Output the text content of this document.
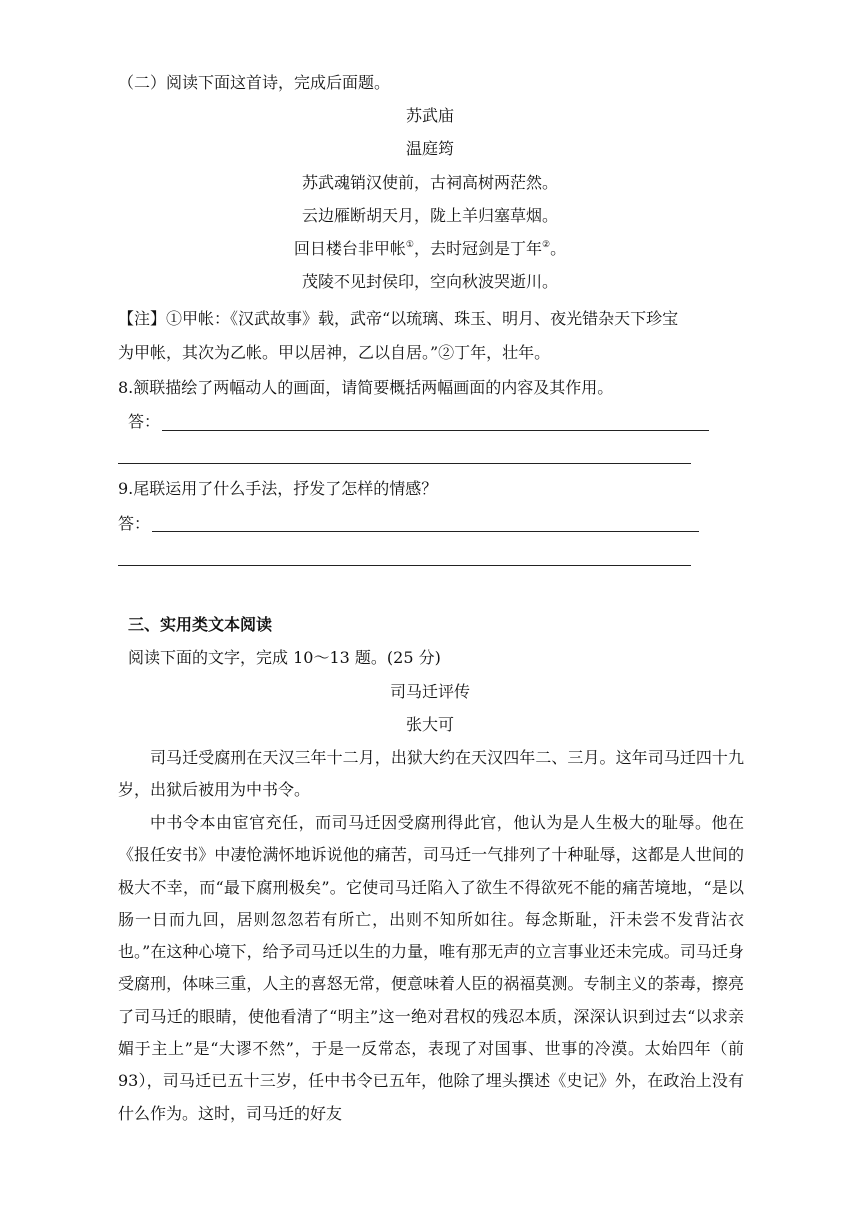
（二）阅读下面这首诗，完成后面题。
苏武庙
温庭筠
苏武魂销汉使前，古祠高树两茫然。
云边雁断胡天月，陇上羊归塞草烟。
回日楼台非甲帐①，去时冠剑是丁年②。
茂陵不见封侯印，空向秋波哭逝川。
【注】①甲帐：《汉武故事》载，武帝“以琉璃、珠玉、明月、夜光错杂天下珍宝
为甲帐，其次为乙帐。甲以居神，乙以自居。”②丁年，壮年。
8.颔联描绘了两幅动人的画面，请简要概括两幅画面的内容及其作用。
答：
9.尾联运用了什么手法，抒发了怎样的情感？
答：
三、实用类文本阅读
阅读下面的文字，完成 10～13 题。(25 分)
司马迁评传
张大可
司马迁受腐刑在天汉三年十二月，出狱大约在天汉四年二、三月。这年司马迁四十九岁，出狱后被用为中书令。
中书令本由宦官充任，而司马迁因受腐刑得此官，他认为是人生极大的耻辱。他在《报任安书》中凄怆满怀地诉说他的痛苦，司马迁一气排列了十种耻辱，这都是人世间的极大不幸，而“最下腐刑极矣”。它使司马迁陷入了欲生不得欲死不能的痛苦境地，“是以肠一日而九回，居则忽忽若有所亡，出则不知所如往。每念斯耻，汗未尝不发背沾衣也。”在这种心境下，给予司马迁以生的力量，唯有那无声的立言事业还未完成。司马迁身受腐刑，体味三重，人主的喜怒无常，便意味着人臣的祸福莫测。专制主义的荼毒，擦亮了司马迁的眼睛，使他看清了“明主”这一绝对君权的残忍本质，深深认识到过去“以求亲媚于主上”是“大谬不然”，于是一反常态，表现了对国事、世事的冷漠。太始四年（前 93），司马迁已五十三岁，任中书令已五年，他除了埋头撰述《史记》外，在政治上没有什么作为。这时，司马迁的好友
